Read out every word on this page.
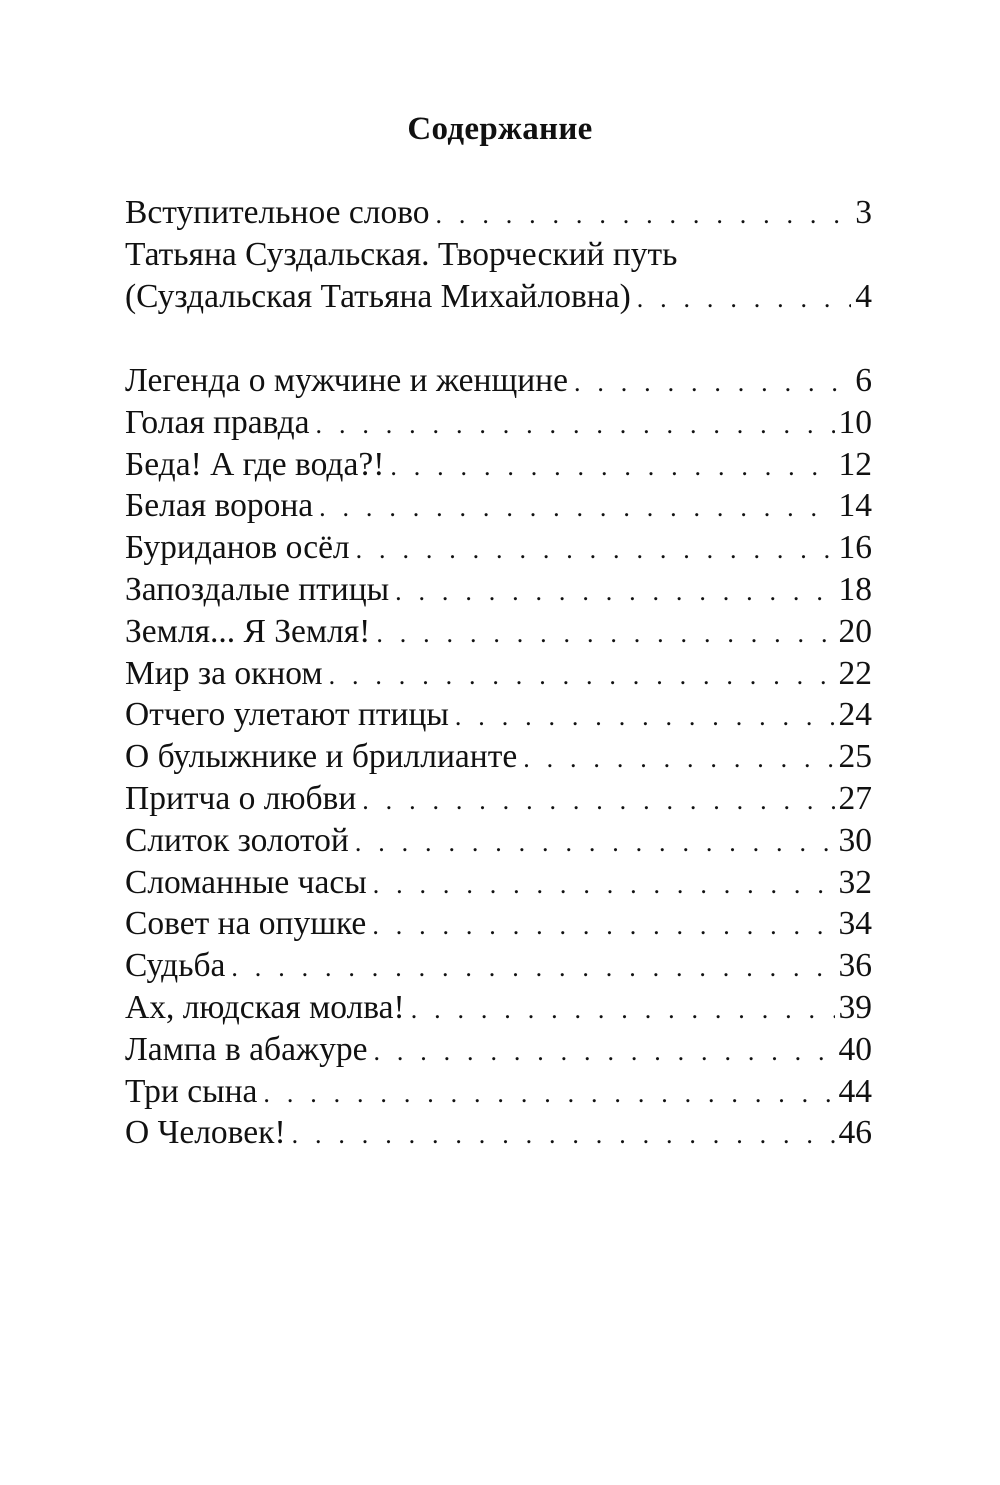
Содержание
Вступительное слово . . .	3
Татьяна Суздальская. Творческий путь
(Суздальская Татьяна Михайловна) . . .	4
Легенда о мужчине и женщине . . .	6
Голая правда . . .	10
Беда! А где вода?! . . .	12
Белая ворона . . .	14
Буриданов осёл . . .	16
Запоздалые птицы . . .	18
Земля... Я Земля! . . .	20
Мир за окном . . .	22
Отчего улетают птицы . . .	24
О булыжнике и бриллианте . . .	25
Притча о любви . . .	27
Слиток золотой . . .	30
Сломанные часы . . .	32
Совет на опушке . . .	34
Судьба . . .	36
Ах, людская молва! . . .	39
Лампа в абажуре . . .	40
Три сына . . .	44
О Человек! . . .	46
